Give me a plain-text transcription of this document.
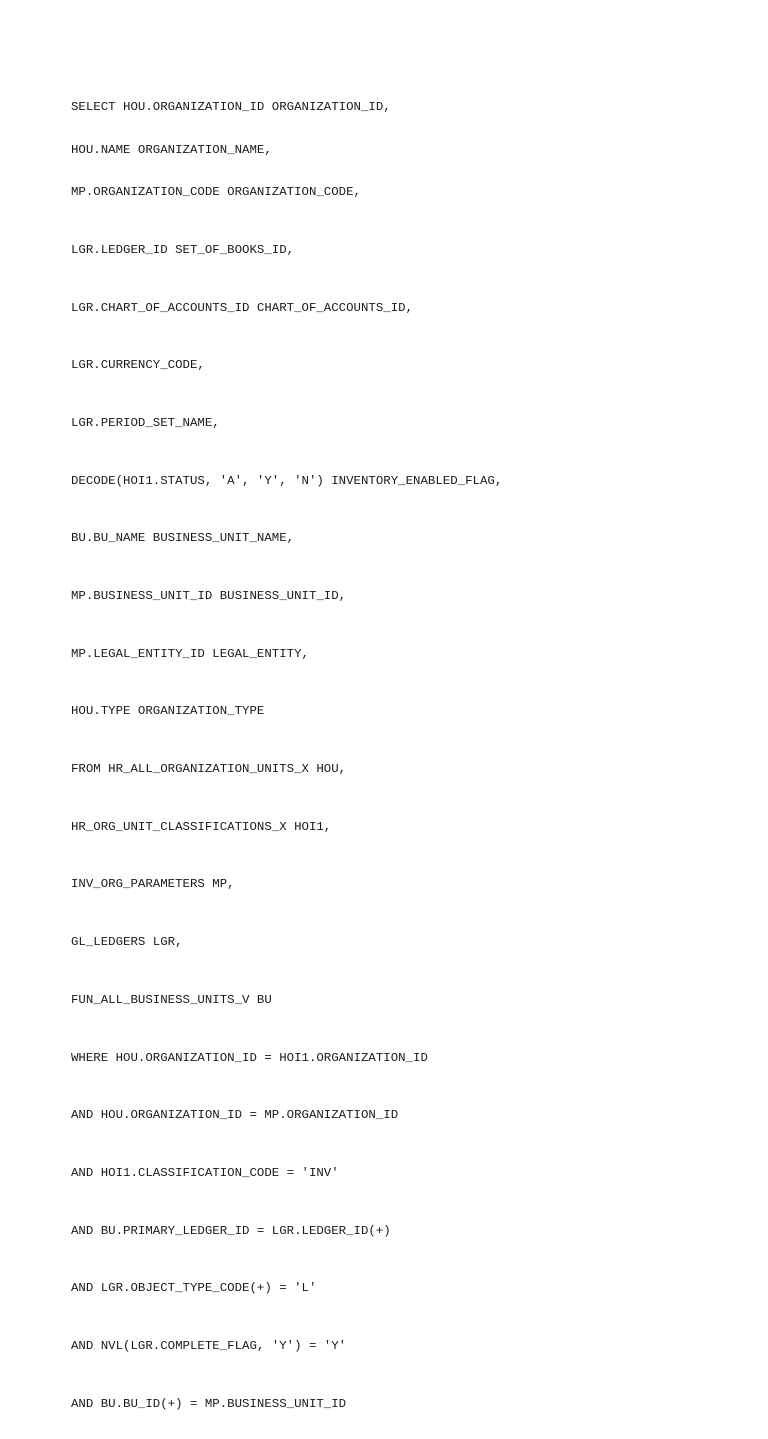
SELECT HOU.ORGANIZATION_ID ORGANIZATION_ID,

HOU.NAME ORGANIZATION_NAME,

MP.ORGANIZATION_CODE ORGANIZATION_CODE,

LGR.LEDGER_ID SET_OF_BOOKS_ID,

LGR.CHART_OF_ACCOUNTS_ID CHART_OF_ACCOUNTS_ID,

LGR.CURRENCY_CODE,

LGR.PERIOD_SET_NAME,

DECODE(HOI1.STATUS, 'A', 'Y', 'N') INVENTORY_ENABLED_FLAG,

BU.BU_NAME BUSINESS_UNIT_NAME,

MP.BUSINESS_UNIT_ID BUSINESS_UNIT_ID,

MP.LEGAL_ENTITY_ID LEGAL_ENTITY,

HOU.TYPE ORGANIZATION_TYPE

FROM HR_ALL_ORGANIZATION_UNITS_X HOU,

HR_ORG_UNIT_CLASSIFICATIONS_X HOI1,

INV_ORG_PARAMETERS MP,

GL_LEDGERS LGR,

FUN_ALL_BUSINESS_UNITS_V BU

WHERE HOU.ORGANIZATION_ID = HOI1.ORGANIZATION_ID

AND HOU.ORGANIZATION_ID = MP.ORGANIZATION_ID

AND HOI1.CLASSIFICATION_CODE = 'INV'

AND BU.PRIMARY_LEDGER_ID = LGR.LEDGER_ID(+)

AND LGR.OBJECT_TYPE_CODE(+) = 'L'

AND NVL(LGR.COMPLETE_FLAG, 'Y') = 'Y'

AND BU.BU_ID(+) = MP.BUSINESS_UNIT_ID
